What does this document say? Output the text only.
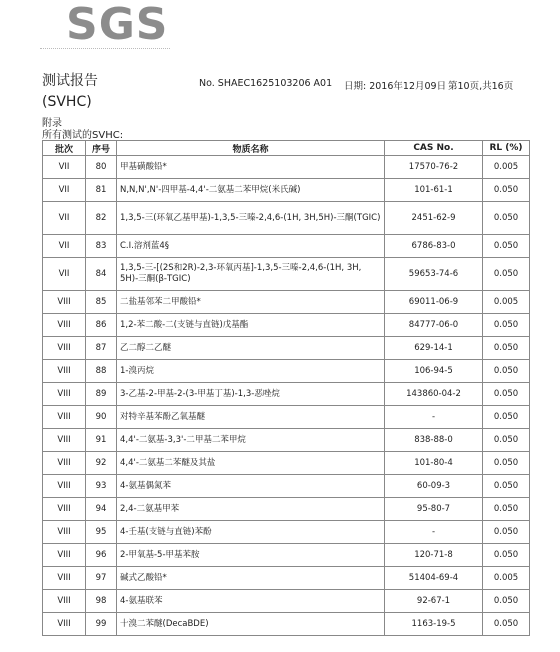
SGS
测试报告
(SVHC)
No. SHAEC1625103206 A01 日期: 2016年12月09日 第10页,共16页
附录
所有测试的SVHC:
批次	序号	物质名称	CAS No.	RL (%)
VII	80	甲基磺酸铅*	17570-76-2	0.005
VII	81	N,N,N',N'-四甲基-4,4'-二氨基二苯甲烷(米氏碱)	101-61-1	0.050
VII	82	1,3,5-三(环氧乙基甲基)-1,3,5-三嗪-2,4,6-(1H, 3H,5H)-三酮(TGIC)	2451-62-9	0.050
VII	83	C.I.溶剂蓝4§	6786-83-0	0.050
VII	84	1,3,5-三-[(2S和2R)-2,3-环氧丙基]-1,3,5-三嗪-2,4,6-(1H, 3H, 5H)-三酮(β-TGIC)	59653-74-6	0.050
VIII	85	二盐基邻苯二甲酸铅*	69011-06-9	0.005
VIII	86	1,2-苯二酸-二(支链与直链)戊基酯	84777-06-0	0.050
VIII	87	乙二醇二乙醚	629-14-1	0.050
VIII	88	1-溴丙烷	106-94-5	0.050
VIII	89	3-乙基-2-甲基-2-(3-甲基丁基)-1,3-恶唑烷	143860-04-2	0.050
VIII	90	对特辛基苯酚乙氧基醚	-	0.050
VIII	91	4,4'-二氨基-3,3'-二甲基二苯甲烷	838-88-0	0.050
VIII	92	4,4'-二氨基二苯醚及其盐	101-80-4	0.050
VIII	93	4-氨基偶氮苯	60-09-3	0.050
VIII	94	2,4-二氨基甲苯	95-80-7	0.050
VIII	95	4-壬基(支链与直链)苯酚	-	0.050
VIII	96	2-甲氧基-5-甲基苯胺	120-71-8	0.050
VIII	97	碱式乙酸铅*	51404-69-4	0.005
VIII	98	4-氨基联苯	92-67-1	0.050
VIII	99	十溴二苯醚(DecaBDE)	1163-19-5	0.050
